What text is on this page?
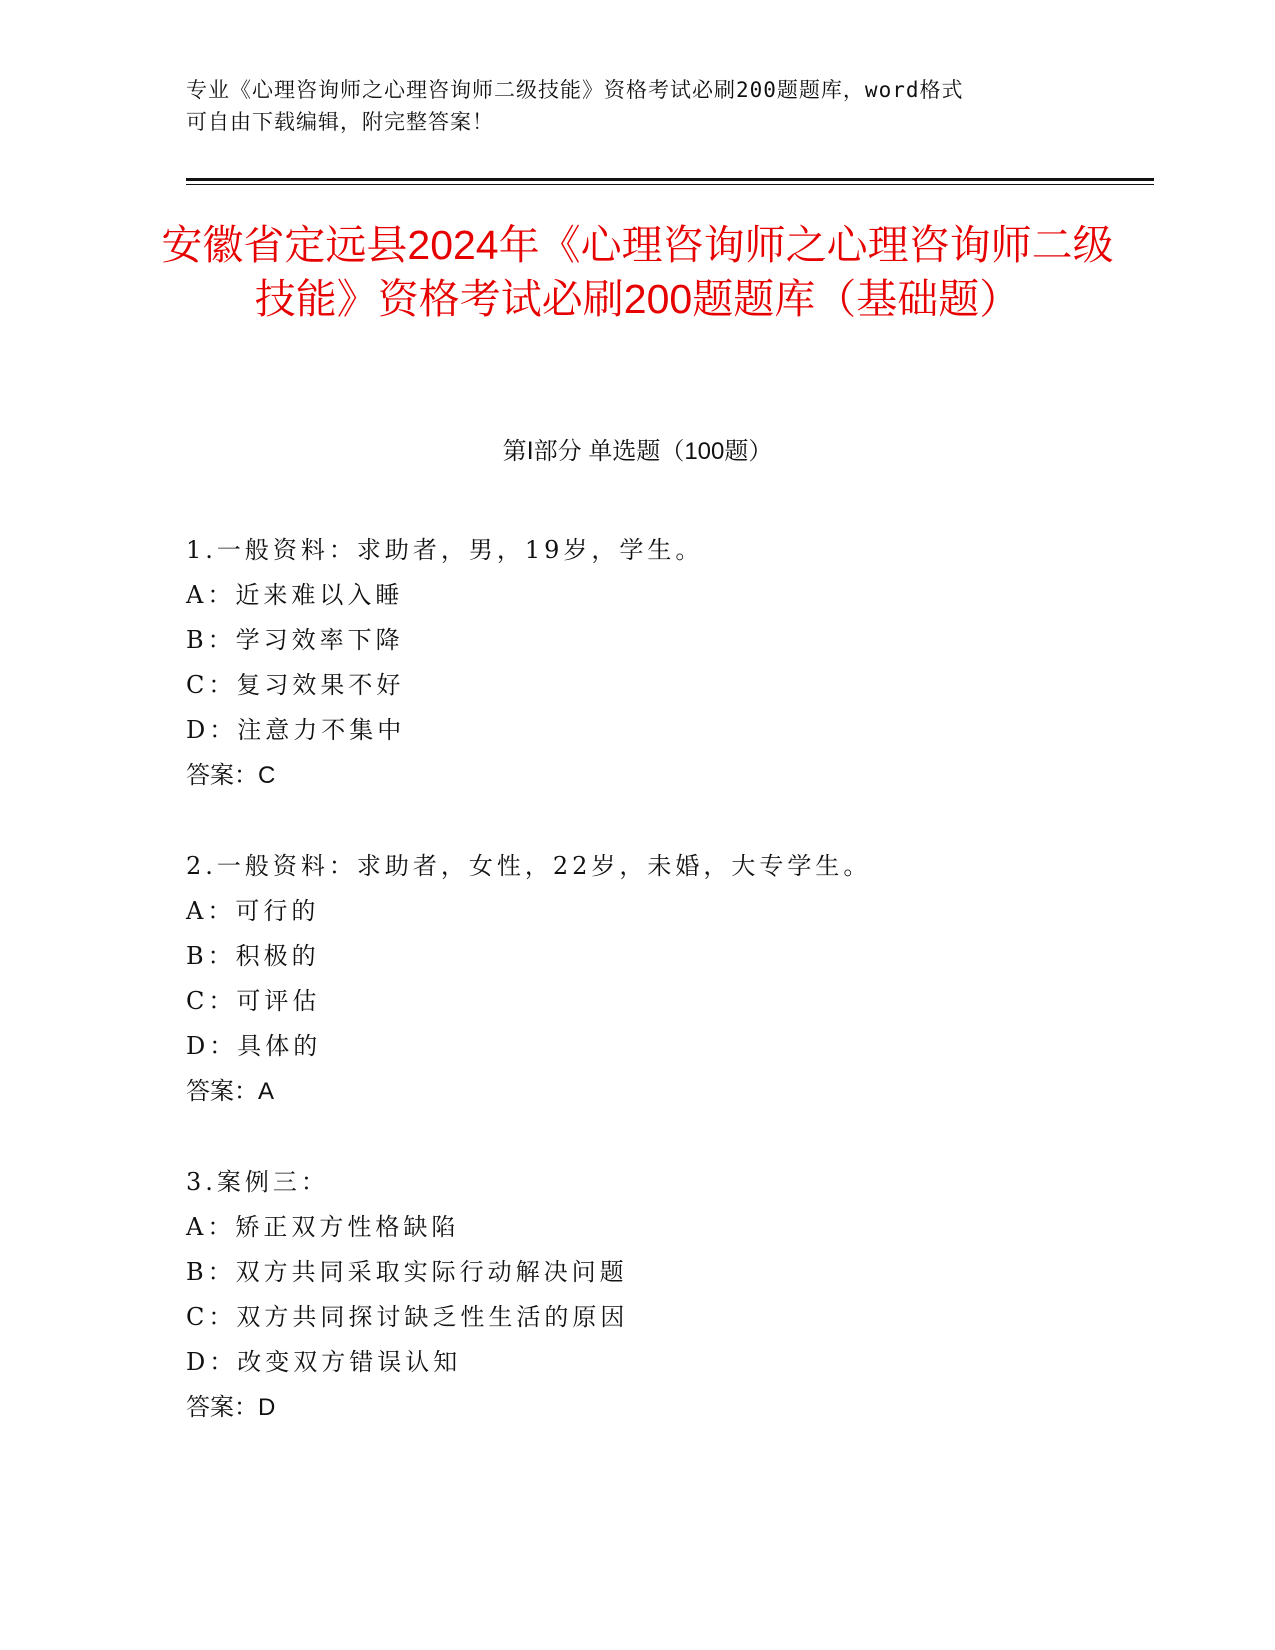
专业《心理咨询师之心理咨询师二级技能》资格考试必刷200题题库，word格式
可自由下载编辑，附完整答案！
安徽省定远县2024年《心理咨询师之心理咨询师二级技能》资格考试必刷200题题库（基础题）
第Ⅰ部分 单选题（100题）
1.一般资料：求助者，男，19岁，学生。
A：近来难以入睡
B：学习效率下降
C：复习效果不好
D：注意力不集中
答案：C
2.一般资料：求助者，女性，22岁，未婚，大专学生。
A：可行的
B：积极的
C：可评估
D：具体的
答案：A
3.案例三：
A：矫正双方性格缺陷
B：双方共同采取实际行动解决问题
C：双方共同探讨缺乏性生活的原因
D：改变双方错误认知
答案：D
